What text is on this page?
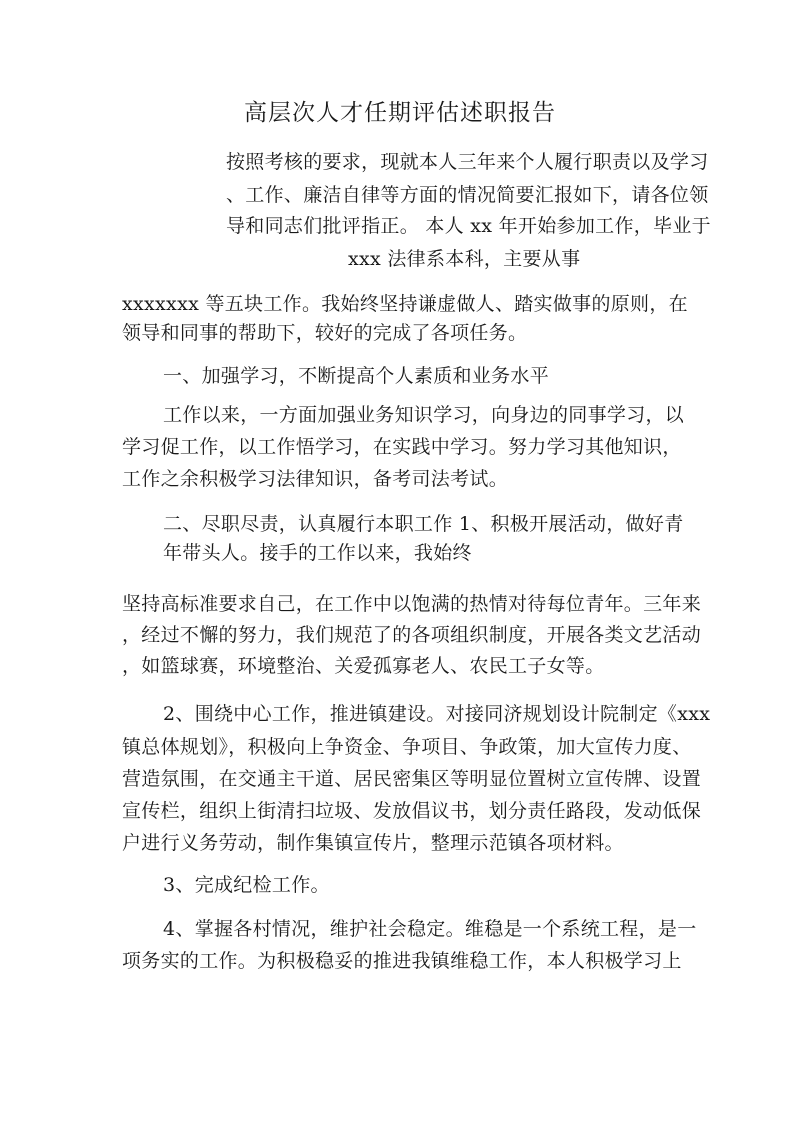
高层次人才任期评估述职报告
按照考核的要求，现就本人三年来个人履行职责以及学习
、工作、廉洁自律等方面的情况简要汇报如下，请各位领
导和同志们批评指正。 本人 xx 年开始参加工作，毕业于
xxx 法律系本科，主要从事
xxxxxxx 等五块工作。我始终坚持谦虚做人、踏实做事的原则，在
领导和同事的帮助下，较好的完成了各项任务。
一、加强学习，不断提高个人素质和业务水平
工作以来，一方面加强业务知识学习，向身边的同事学习，以
学习促工作，以工作悟学习，在实践中学习。努力学习其他知识，
工作之余积极学习法律知识，备考司法考试。
二、尽职尽责，认真履行本职工作 1、积极开展活动，做好青
年带头人。接手的工作以来，我始终
坚持高标准要求自己，在工作中以饱满的热情对待每位青年。三年来
，经过不懈的努力，我们规范了的各项组织制度，开展各类文艺活动
，如篮球赛，环境整治、关爱孤寡老人、农民工子女等。
2、围绕中心工作，推进镇建设。对接同济规划设计院制定《xxx
镇总体规划》，积极向上争资金、争项目、争政策，加大宣传力度、
营造氛围，在交通主干道、居民密集区等明显位置树立宣传牌、设置
宣传栏，组织上街清扫垃圾、发放倡议书，划分责任路段，发动低保
户进行义务劳动，制作集镇宣传片，整理示范镇各项材料。
3、完成纪检工作。
4、掌握各村情况，维护社会稳定。维稳是一个系统工程，是一
项务实的工作。为积极稳妥的推进我镇维稳工作，本人积极学习上
